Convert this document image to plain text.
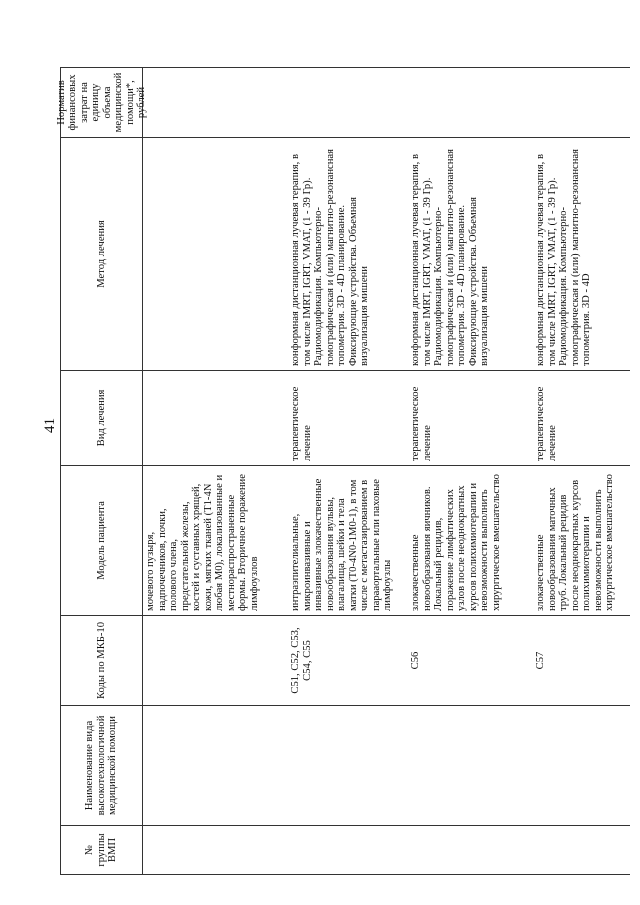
41
№ группы ВМП
Наименование вида высокотехнологичной медицинской помощи
Коды по МКБ-10
Модель пациента
Вид лечения
Метод лечения
Норматив финансовых затрат на единицу объема медицинской помощи*, рублей
мочевого пузыря, надпочечников, почки, полового члена, предстательной железы, костей и суставных хрящей, кожи, мягких тканей (T1-4N любая M0), локализованные и местнораспространенные формы. Вторичное поражение лимфоузлов
C51, C52, C53, C54, C55
интраэпителиальные, микроинвазивные и инвазивные злокачественные новообразования вульвы, влагалища, шейки и тела матки (T0-4N0-1M0-1), в том числе с метастазированием в парааортальные или паховые лимфоузлы
терапевтическое лечение
конформная дистанционная лучевая терапия, в том числе IMRT, IGRT, VMAT, (1 - 39 Гр). Радиомодификация. Компьютерно-томографическая и (или) магнитно-резонансная топометрия. 3D - 4D планирование. Фиксирующие устройства. Объемная визуализация мишени
C56
злокачественные новообразования яичников. Локальный рецидив, поражение лимфатических узлов после неоднократных курсов полихимиотерапии и невозможности выполнить хирургическое вмешательство
терапевтическое лечение
конформная дистанционная лучевая терапия, в том числе IMRT, IGRT, VMAT, (1 - 39 Гр). Радиомодификация. Компьютерно-томографическая и (или) магнитно-резонансная топометрия. 3D - 4D планирование. Фиксирующие устройства. Объемная визуализация мишени
C57
злокачественные новообразования маточных труб. Локальный рецидив после неоднократных курсов полихимиотерапии и невозможности выполнить хирургическое вмешательство
терапевтическое лечение
конформная дистанционная лучевая терапия, в том числе IMRT, IGRT, VMAT, (1 - 39 Гр). Радиомодификация. Компьютерно-томографическая и (или) магнитно-резонансная топометрия. 3D - 4D
